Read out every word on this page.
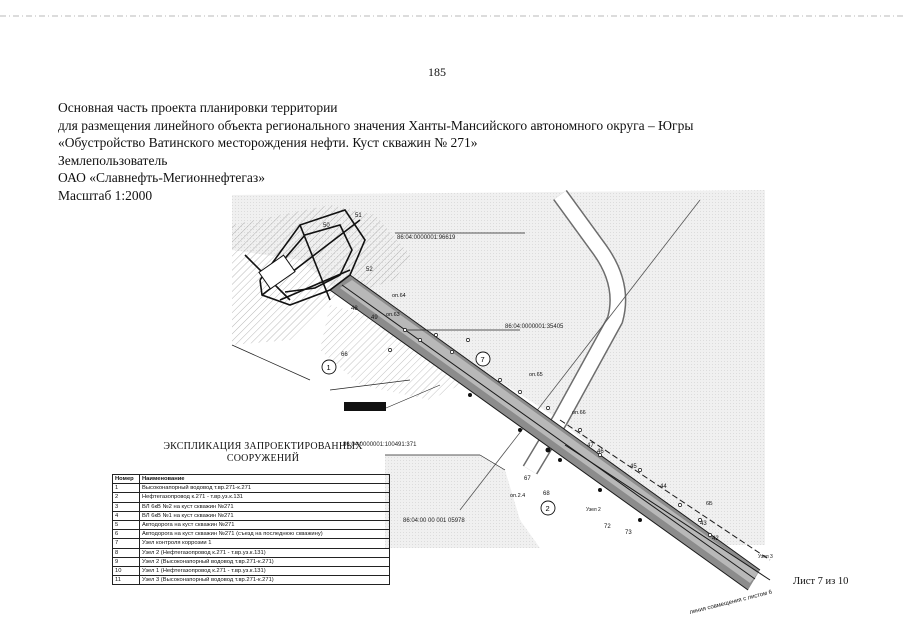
185
Основная часть проекта планировки территории
для размещения линейного объекта регионального значения Ханты-Мансийского автономного округа – Югры
«Обустройство Ватинского месторождения нефти. Куст скважин № 271»
Землепользователь
ОАО «Славнефть-Мегионнефтегаз»
Масштаб 1:2000
86:04:0000001:96619
86:04:0000001:35405
86:04:0000001:100491:371
86:04:00 00 001 05978
1
7
2
50
51
52
49
48
47
46
45
44
43
42
66
67
68
72
73
оп.63
оп.64
оп.65
оп.66
оп.2.4
6Б
Узел 2
Узел 3
линия совмещения с листом 6
ЭКСПЛИКАЦИЯ ЗАПРОЕКТИРОВАННЫХ
СООРУЖЕНИЙ
Номер	Наименование
1	Высоконапорный водовод т.вр.271-к.271
2	Нефтегазопровод к.271 - т.вр.уз.к.131
3	ВЛ 6кВ №2 на куст скважин №271
4	ВЛ 6кВ №1 на куст скважин №271
5	Автодорога на куст скважин №271
6	Автодорога на куст скважин №271 (съезд на последнюю скважину)
7	Узел контроля коррозии 1
8	Узел 2 (Нефтегазопровод к.271 - т.вр.уз.к.131)
9	Узел 2 (Высоконапорный водовод т.вр.271-к.271)
10	Узел 1 (Нефтегазопровод к.271 - т.вр.уз.к.131)
11	Узел 3 (Высоконапорный водовод т.вр.271-к.271)	Лист 7 из 10
